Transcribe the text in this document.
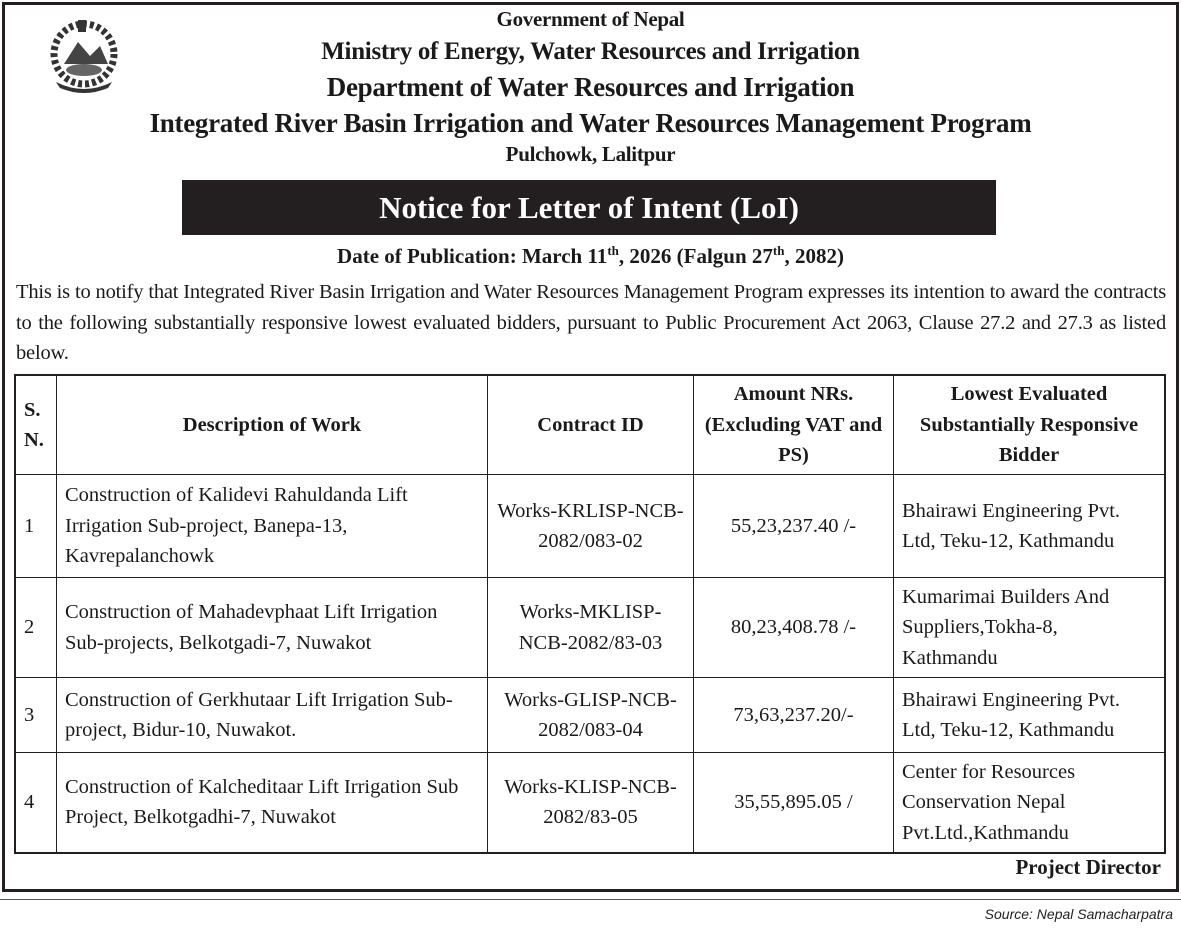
Government of Nepal
Ministry of Energy, Water Resources and Irrigation
Department of Water Resources and Irrigation
Integrated River Basin Irrigation and Water Resources Management Program
Pulchowk, Lalitpur
Notice for Letter of Intent (LoI)
Date of Publication: March 11th, 2026 (Falgun 27th, 2082)
This is to notify that Integrated River Basin Irrigation and Water Resources Management Program expresses its intention to award the contracts to the following substantially responsive lowest evaluated bidders, pursuant to Public Procurement Act 2063, Clause 27.2 and 27.3 as listed below.
S. N.	Description of Work	Contract ID	Amount NRs. (Excluding VAT and PS)	Lowest Evaluated Substantially Responsive Bidder
1	Construction of Kalidevi Rahuldanda Lift Irrigation Sub-project, Banepa-13, Kavrepalanchowk	Works-KRLISP-NCB-2082/083-02	55,23,237.40 /-	Bhairawi Engineering Pvt. Ltd, Teku-12, Kathmandu
2	Construction of Mahadevphaat Lift Irrigation Sub-projects, Belkotgadi-7, Nuwakot	Works-MKLISP-NCB-2082/83-03	80,23,408.78 /-	Kumarimai Builders And Suppliers,Tokha-8, Kathmandu
3	Construction of Gerkhutaar Lift Irrigation Sub-project, Bidur-10, Nuwakot.	Works-GLISP-NCB-2082/083-04	73,63,237.20/-	Bhairawi Engineering Pvt. Ltd, Teku-12, Kathmandu
4	Construction of Kalcheditaar Lift Irrigation Sub Project, Belkotgadhi-7, Nuwakot	Works-KLISP-NCB-2082/83-05	35,55,895.05 /	Center for Resources Conservation Nepal Pvt.Ltd.,Kathmandu
Project Director
Source: Nepal Samacharpatra
